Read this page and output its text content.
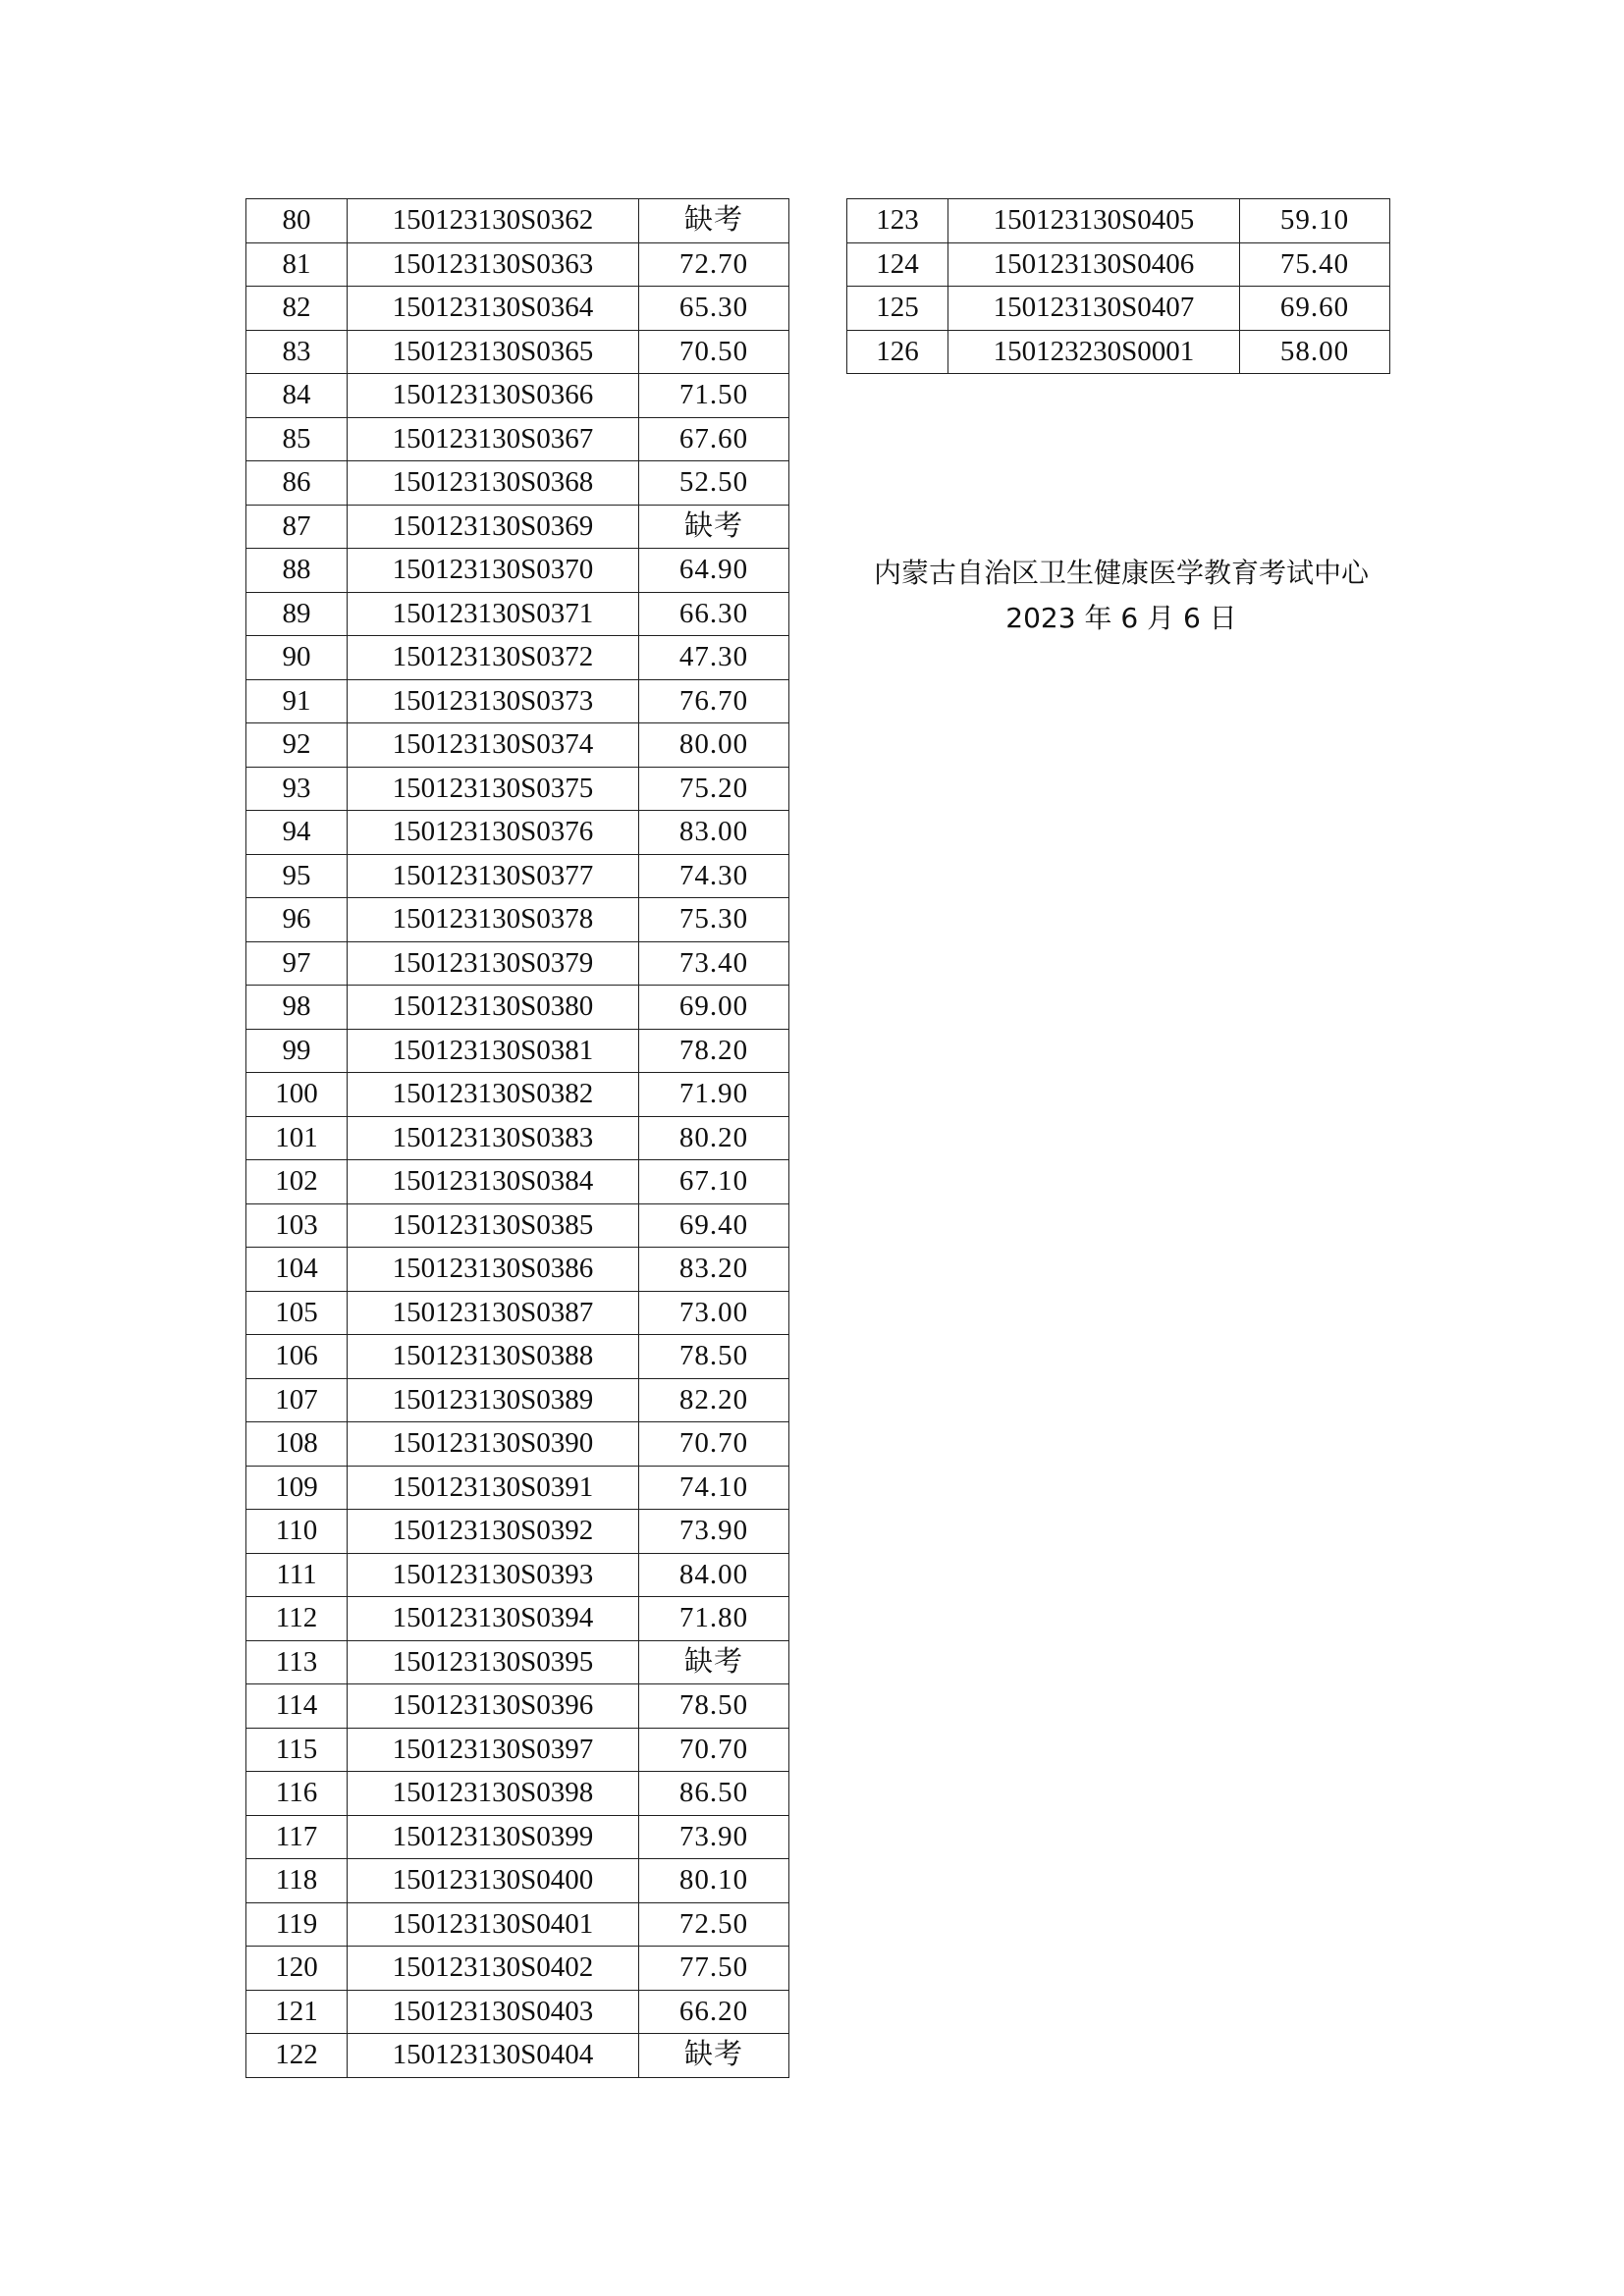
80	150123130S0362	缺考
81	150123130S0363	72.70
82	150123130S0364	65.30
83	150123130S0365	70.50
84	150123130S0366	71.50
85	150123130S0367	67.60
86	150123130S0368	52.50
87	150123130S0369	缺考
88	150123130S0370	64.90
89	150123130S0371	66.30
90	150123130S0372	47.30
91	150123130S0373	76.70
92	150123130S0374	80.00
93	150123130S0375	75.20
94	150123130S0376	83.00
95	150123130S0377	74.30
96	150123130S0378	75.30
97	150123130S0379	73.40
98	150123130S0380	69.00
99	150123130S0381	78.20
100	150123130S0382	71.90
101	150123130S0383	80.20
102	150123130S0384	67.10
103	150123130S0385	69.40
104	150123130S0386	83.20
105	150123130S0387	73.00
106	150123130S0388	78.50
107	150123130S0389	82.20
108	150123130S0390	70.70
109	150123130S0391	74.10
110	150123130S0392	73.90
111	150123130S0393	84.00
112	150123130S0394	71.80
113	150123130S0395	缺考
114	150123130S0396	78.50
115	150123130S0397	70.70
116	150123130S0398	86.50
117	150123130S0399	73.90
118	150123130S0400	80.10
119	150123130S0401	72.50
120	150123130S0402	77.50
121	150123130S0403	66.20
122	150123130S0404	缺考
123	150123130S0405	59.10
124	150123130S0406	75.40
125	150123130S0407	69.60
126	150123230S0001	58.00
内蒙古自治区卫生健康医学教育考试中心
2023 年 6 月 6 日
